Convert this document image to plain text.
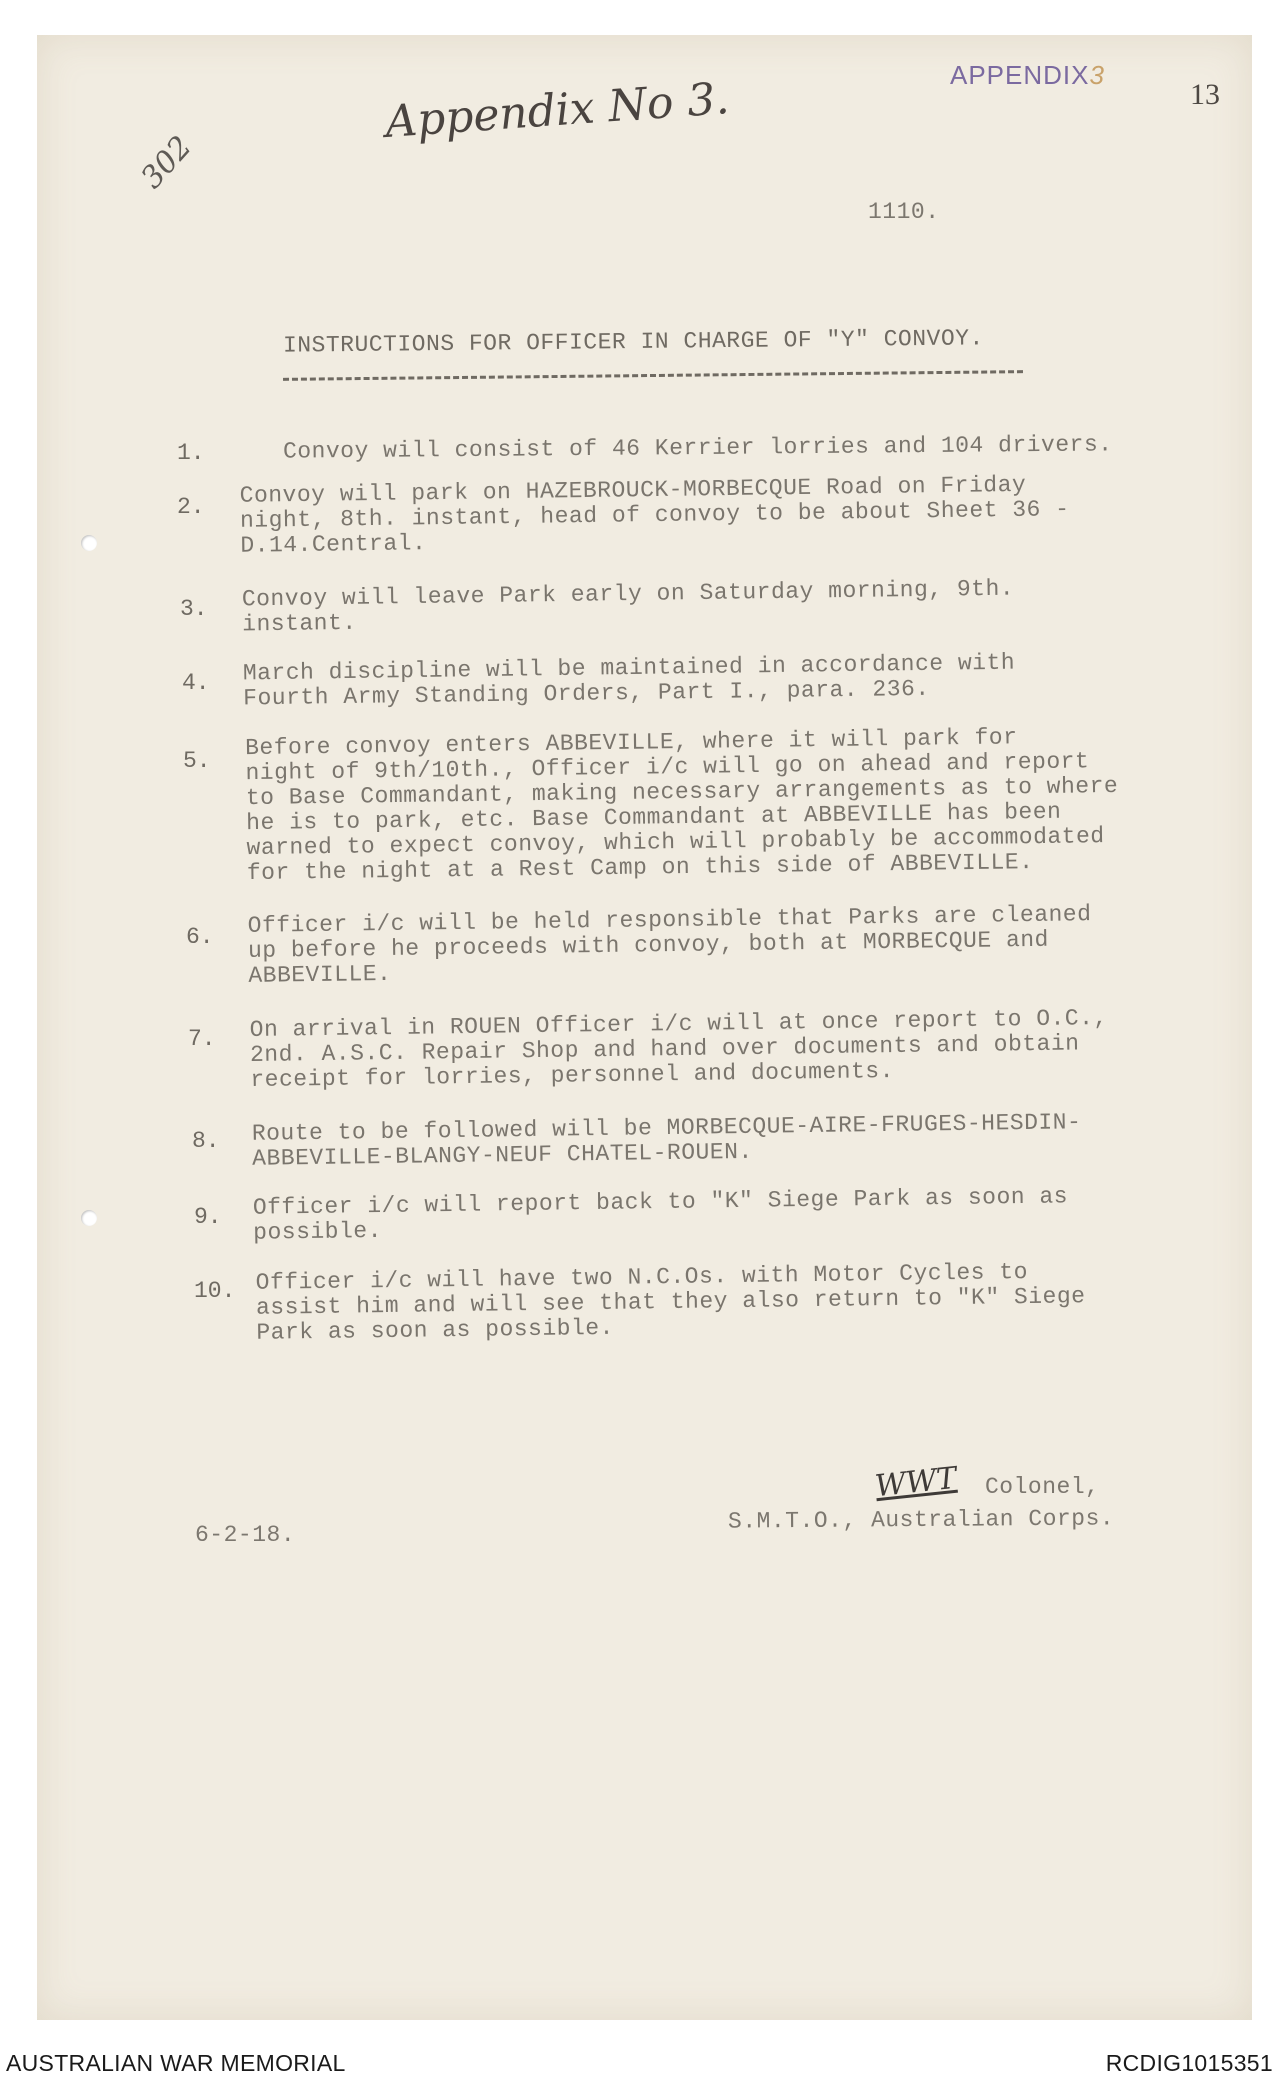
Appendix No 3.
302
APPENDIX3
13
1110.
INSTRUCTIONS FOR OFFICER IN CHARGE OF "Y" CONVOY.
1.	Convoy will consist of 46 Kerrier lorries and 104 drivers.
2. Convoy will park on HAZEBROUCK-MORBECQUE Road on Friday
night, 8th. instant, head of convoy to be about Sheet 36 -
D.14.Central.
3. Convoy will leave Park early on Saturday morning, 9th.
instant.
4. March discipline will be maintained in accordance with
Fourth Army Standing Orders, Part I., para. 236.
5. Before convoy enters ABBEVILLE, where it will park for
night of 9th/10th., Officer i/c will go on ahead and report
to Base Commandant, making necessary arrangements as to where
he is to park, etc. Base Commandant at ABBEVILLE has been
warned to expect convoy, which will probably be accommodated
for the night at a Rest Camp on this side of ABBEVILLE.
6. Officer i/c will be held responsible that Parks are cleaned
up before he proceeds with convoy, both at MORBECQUE and
ABBEVILLE.
7. On arrival in ROUEN Officer i/c will at once report to O.C.,
2nd. A.S.C. Repair Shop and hand over documents and obtain
receipt for lorries, personnel and documents.
8. Route to be followed will be MORBECQUE-AIRE-FRUGES-HESDIN-
ABBEVILLE-BLANGY-NEUF CHATEL-ROUEN.
9. Officer i/c will report back to "K" Siege Park as soon as
possible.
10. Officer i/c will have two N.C.Os. with Motor Cycles to
assist him and will see that they also return to "K" Siege
Park as soon as possible.
WWT Colonel,
S.M.T.O., Australian Corps.
6-2-18.
AUSTRALIAN WAR MEMORIAL	RCDIG1015351
